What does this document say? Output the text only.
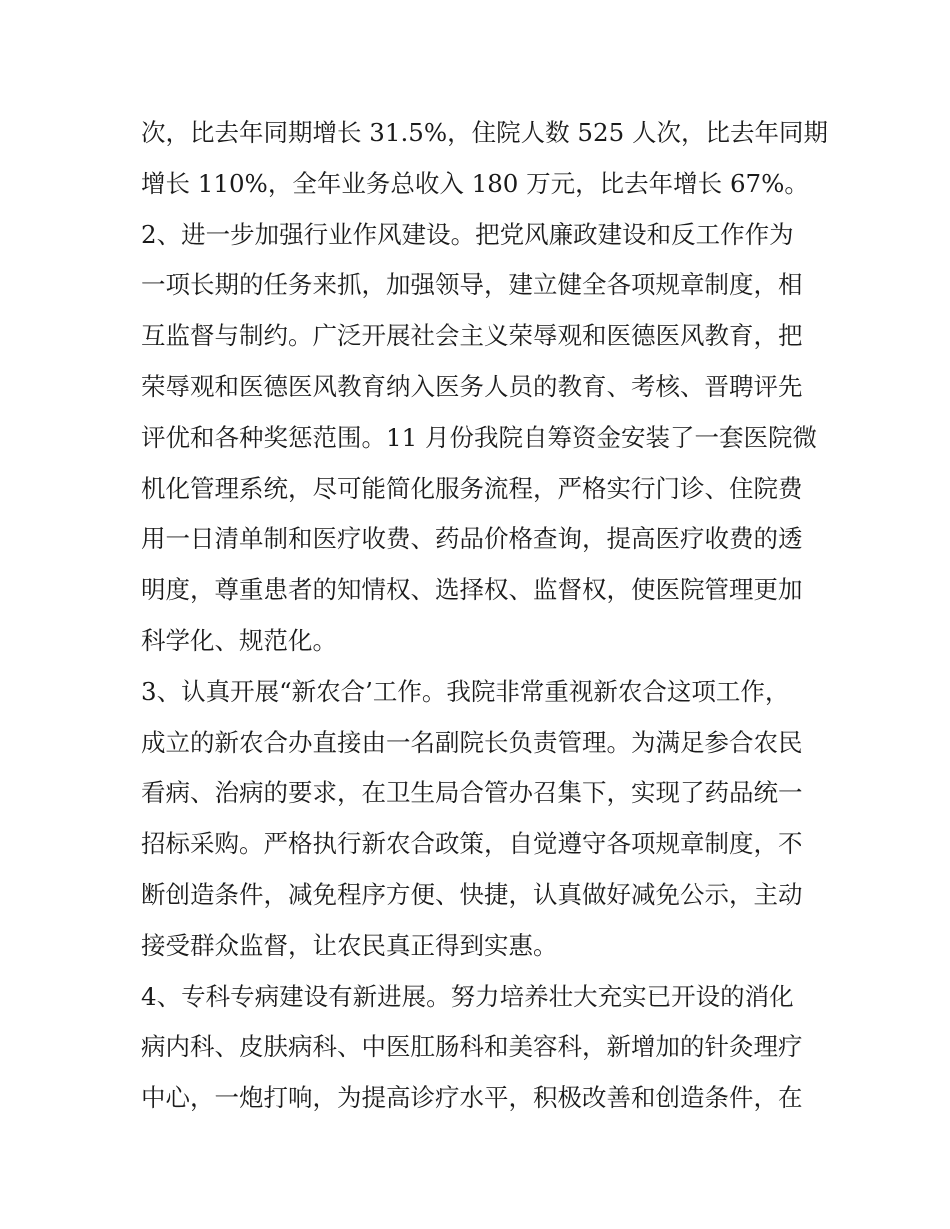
次，比去年同期增长 31.5%，住院人数 525 人次，比去年同期
增长 110%，全年业务总收入 180 万元，比去年增长 67%。
2、进一步加强行业作风建设。把党风廉政建设和反工作作为
一项长期的任务来抓，加强领导，建立健全各项规章制度，相
互监督与制约。广泛开展社会主义荣辱观和医德医风教育，把
荣辱观和医德医风教育纳入医务人员的教育、考核、晋聘评先
评优和各种奖惩范围。11 月份我院自筹资金安装了一套医院微
机化管理系统，尽可能简化服务流程，严格实行门诊、住院费
用一日清单制和医疗收费、药品价格查询，提高医疗收费的透
明度，尊重患者的知情权、选择权、监督权，使医院管理更加
科学化、规范化。
3、认真开展“新农合’工作。我院非常重视新农合这项工作，
成立的新农合办直接由一名副院长负责管理。为满足参合农民
看病、治病的要求，在卫生局合管办召集下，实现了药品统一
招标采购。严格执行新农合政策，自觉遵守各项规章制度，不
断创造条件，减免程序方便、快捷，认真做好减免公示，主动
接受群众监督，让农民真正得到实惠。
4、专科专病建设有新进展。努力培养壮大充实已开设的消化
病内科、皮肤病科、中医肛肠科和美容科，新增加的针灸理疗
中心，一炮打响，为提高诊疗水平，积极改善和创造条件，在
